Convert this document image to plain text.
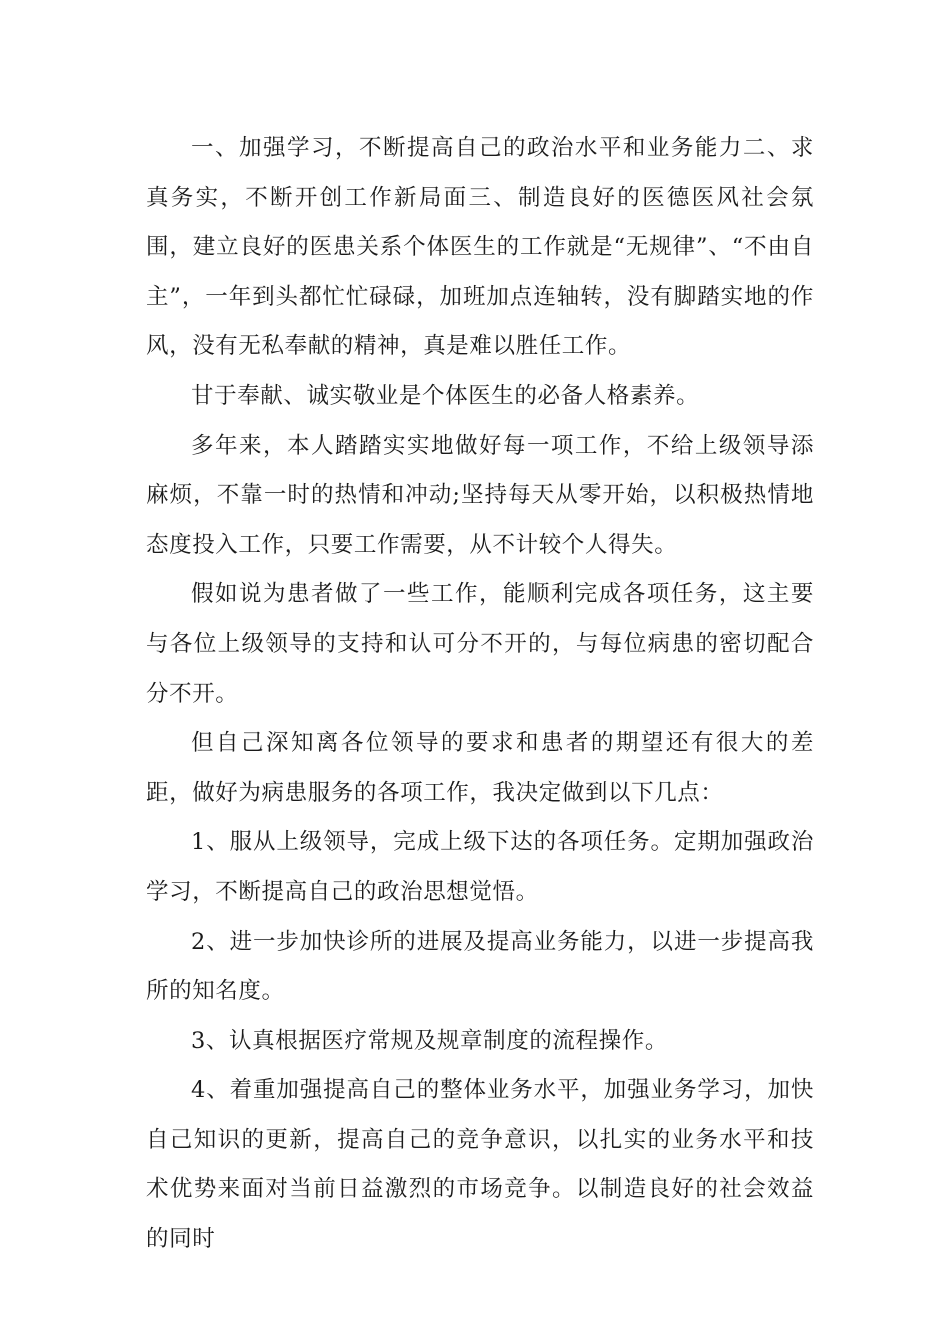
一、加强学习，不断提高自己的政治水平和业务能力二、求真务实，不断开创工作新局面三、制造良好的医德医风社会氛围，建立良好的医患关系个体医生的工作就是“无规律”、“不由自主”，一年到头都忙忙碌碌，加班加点连轴转，没有脚踏实地的作风，没有无私奉献的精神，真是难以胜任工作。

甘于奉献、诚实敬业是个体医生的必备人格素养。

多年来，本人踏踏实实地做好每一项工作，不给上级领导添麻烦，不靠一时的热情和冲动;坚持每天从零开始，以积极热情地态度投入工作，只要工作需要，从不计较个人得失。

假如说为患者做了一些工作，能顺利完成各项任务，这主要与各位上级领导的支持和认可分不开的，与每位病患的密切配合分不开。

但自己深知离各位领导的要求和患者的期望还有很大的差距，做好为病患服务的各项工作，我决定做到以下几点：

1、服从上级领导，完成上级下达的各项任务。定期加强政治学习，不断提高自己的政治思想觉悟。

2、进一步加快诊所的进展及提高业务能力，以进一步提高我所的知名度。

3、认真根据医疗常规及规章制度的流程操作。

4、着重加强提高自己的整体业务水平，加强业务学习，加快自己知识的更新，提高自己的竞争意识，以扎实的业务水平和技术优势来面对当前日益激烈的市场竞争。以制造良好的社会效益的同时
